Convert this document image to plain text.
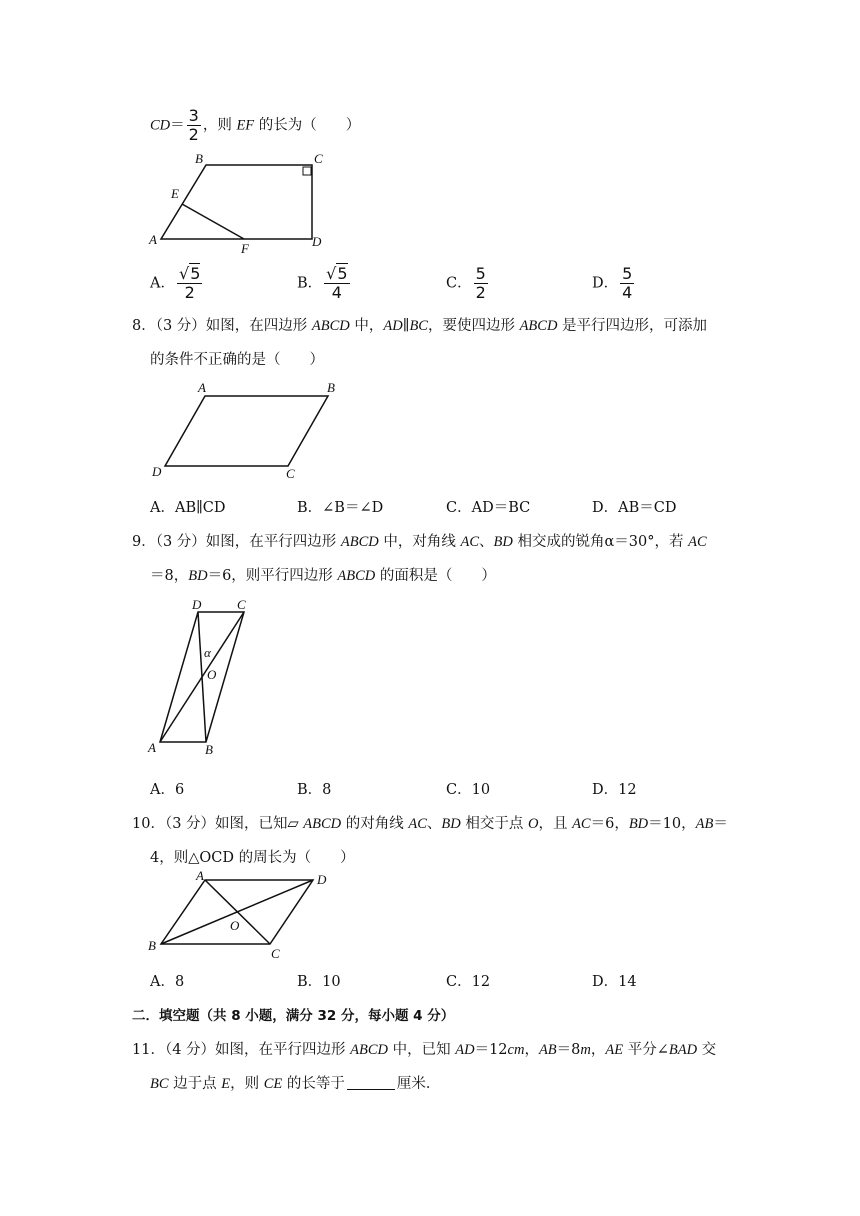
$CD= \frac{3}{2}$ ，则 EF 的长为（　　）
B	C
E
A
F	D
A． $\frac{√5}{2}$	B． $\frac{√5}{4}$	C． $\frac{5}{2}$	D． $\frac{5}{4}$
8．（3 分）如图，在四边形 ABCD 中，AD∥BC，要使四边形 ABCD 是平行四边形，可添加
的条件不正确的是（　　）
A	B
D	C
A．AB∥CD	B．∠B＝∠D	C．AD＝BC	D．AB＝CD
9．（3 分）如图，在平行四边形 ABCD 中，对角线 AC、BD 相交成的锐角α＝30°，若 AC
＝8，BD＝6，则平行四边形 ABCD 的面积是（　　）
D	C
α
O
A	B
A．6	B．8	C．10	D．12
10．（3 分）如图，已知▱ ABCD 的对角线 AC、BD 相交于点 O，且 AC＝6，BD＝10，AB＝
4，则△OCD 的周长为（　　）
A	D
O
B
C
A．8	B．10	C．12	D．14
二．填空题（共 8 小题，满分 32 分，每小题 4 分）
11．（4 分）如图，在平行四边形 ABCD 中，已知 AD＝12cm，AB＝8m，AE 平分∠BAD 交
BC 边于点 E，则 CE 的长等于	厘米．
